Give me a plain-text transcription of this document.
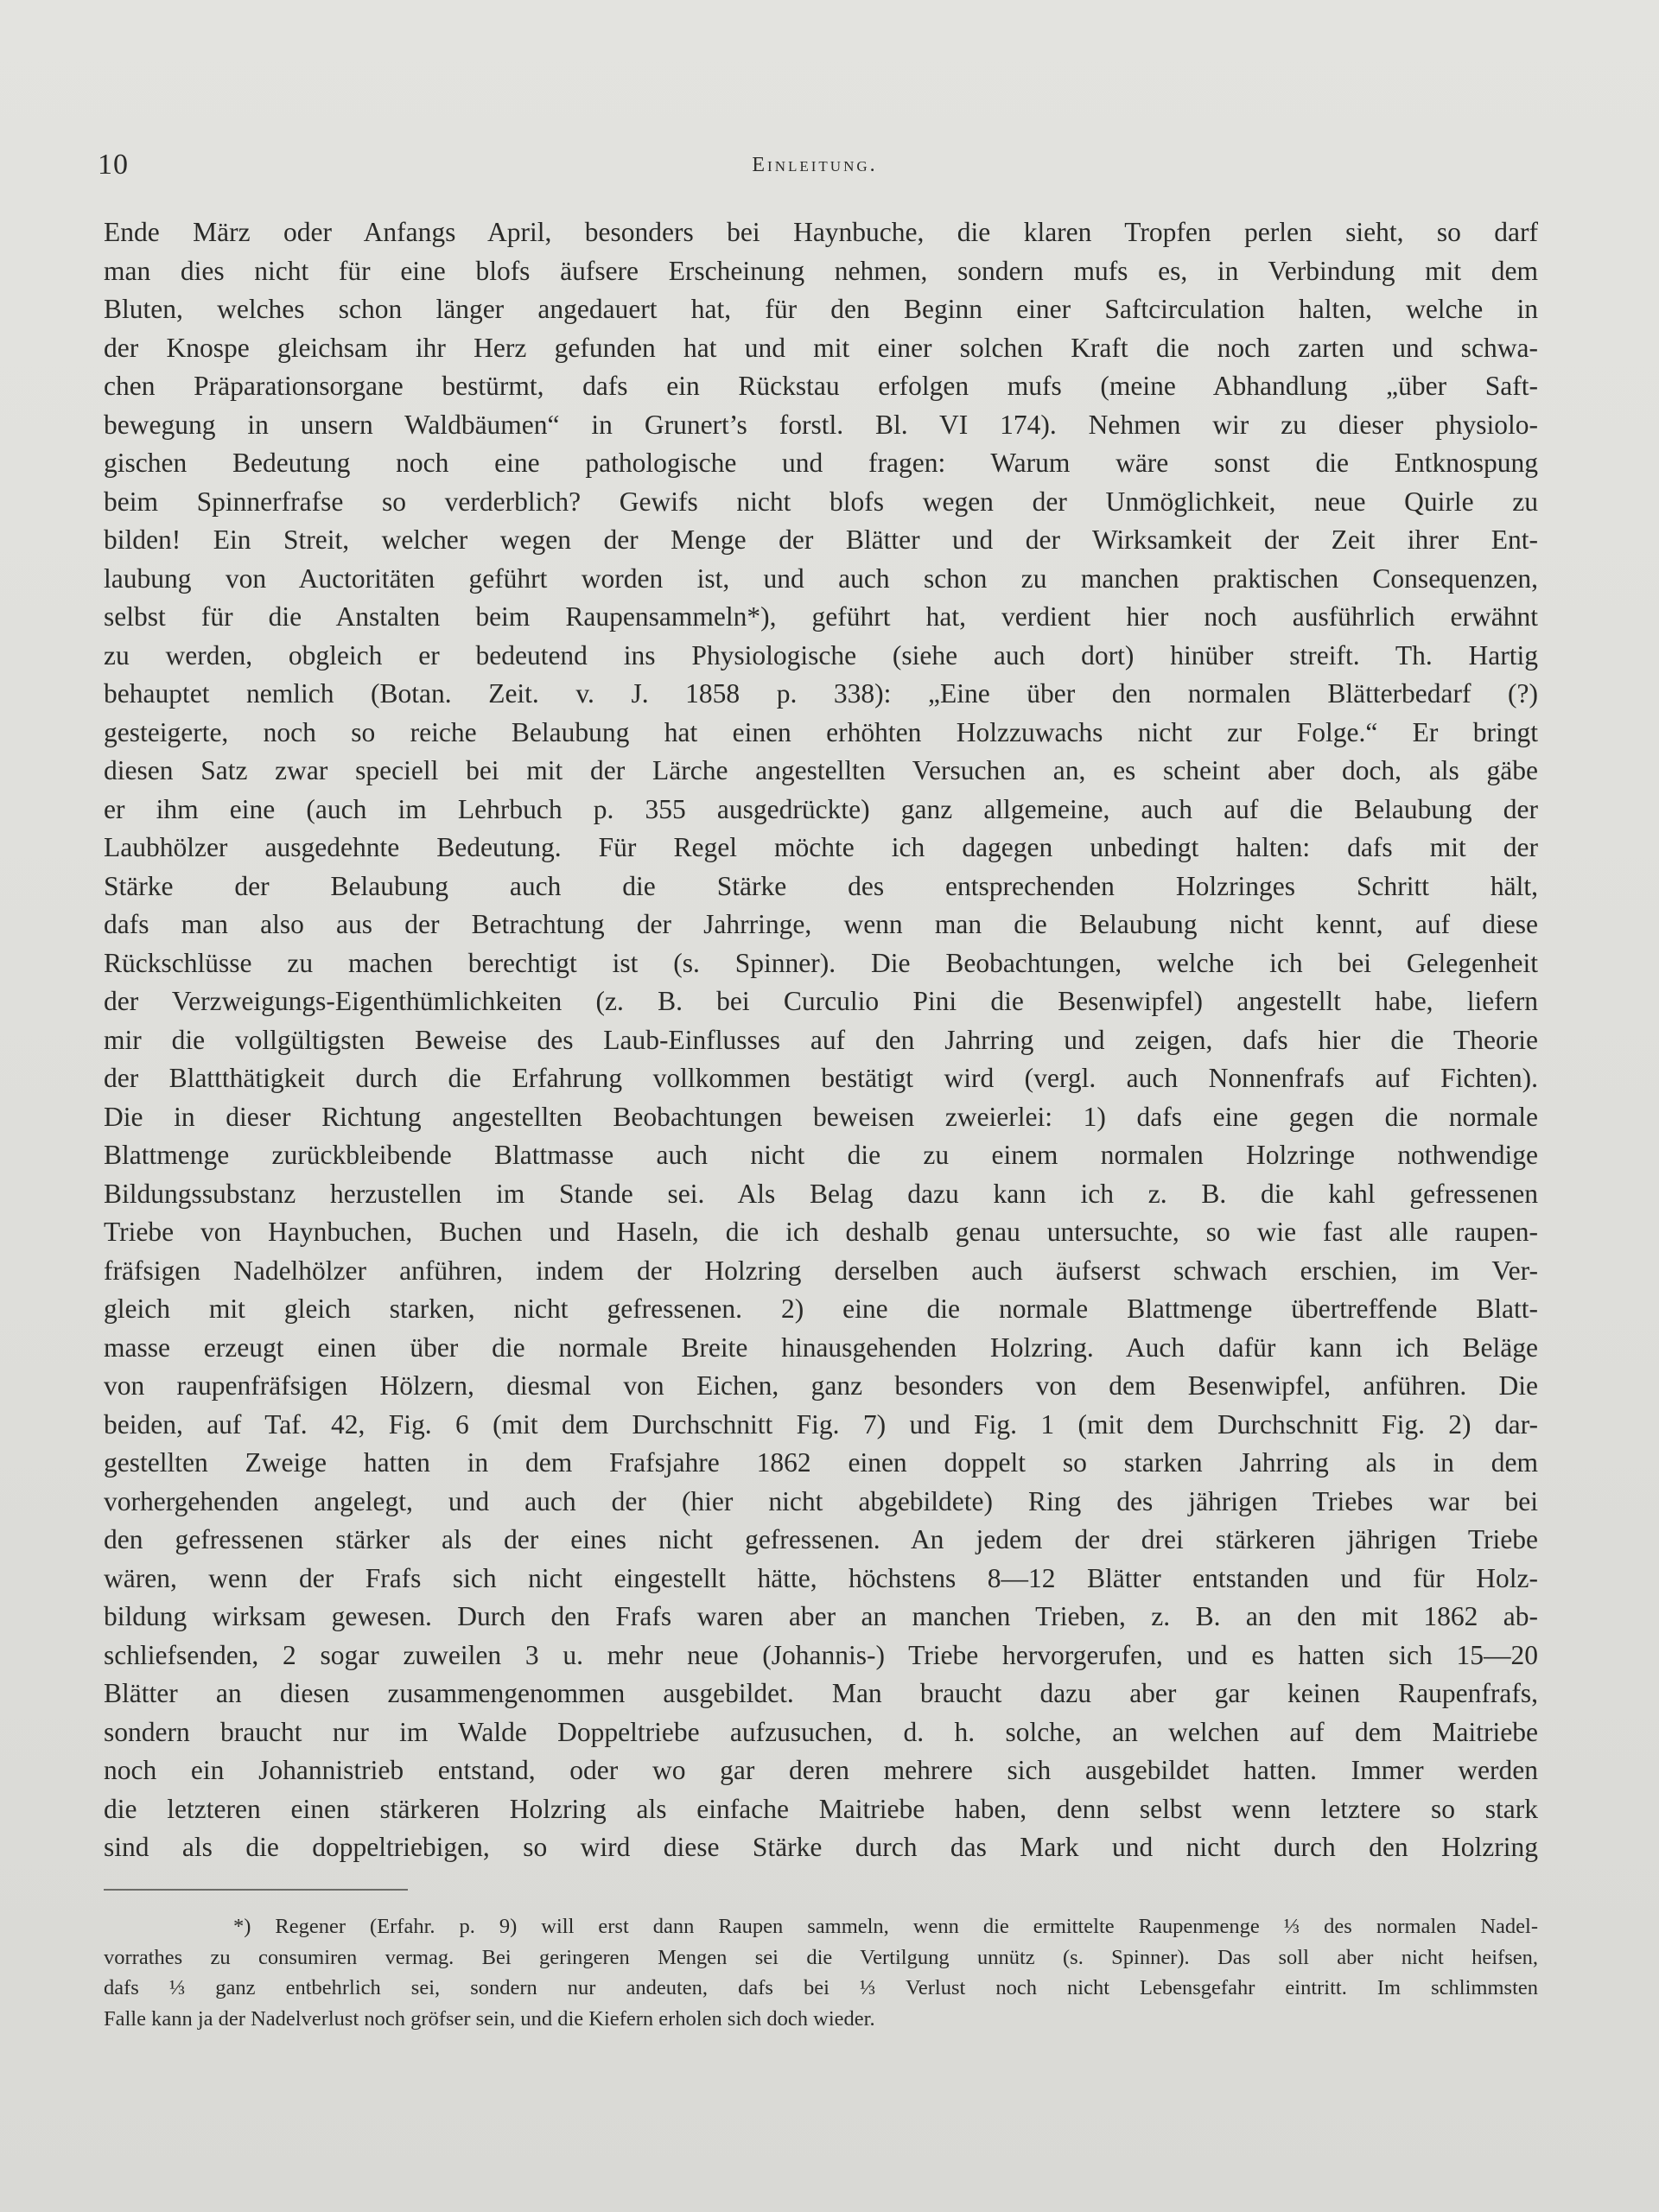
10	Einleitung.
Ende März oder Anfangs April, besonders bei Haynbuche, die klaren Tropfen perlen sieht, so darf
man dies nicht für eine blofs äufsere Erscheinung nehmen, sondern mufs es, in Verbindung mit dem
Bluten, welches schon länger angedauert hat, für den Beginn einer Saftcirculation halten, welche in
der Knospe gleichsam ihr Herz gefunden hat und mit einer solchen Kraft die noch zarten und schwa-
chen Präparationsorgane bestürmt, dafs ein Rückstau erfolgen mufs (meine Abhandlung „über Saft-
bewegung in unsern Waldbäumen“ in Grunert’s forstl. Bl. VI 174). Nehmen wir zu dieser physiolo-
gischen Bedeutung noch eine pathologische und fragen: Warum wäre sonst die Entknospung
beim Spinnerfrafse so verderblich? Gewifs nicht blofs wegen der Unmöglichkeit, neue Quirle zu
bilden! Ein Streit, welcher wegen der Menge der Blätter und der Wirksamkeit der Zeit ihrer Ent-
laubung von Auctoritäten geführt worden ist, und auch schon zu manchen praktischen Consequenzen,
selbst für die Anstalten beim Raupensammeln*), geführt hat, verdient hier noch ausführlich erwähnt
zu werden, obgleich er bedeutend ins Physiologische (siehe auch dort) hinüber streift. Th. Hartig
behauptet nemlich (Botan. Zeit. v. J. 1858 p. 338): „Eine über den normalen Blätterbedarf (?)
gesteigerte, noch so reiche Belaubung hat einen erhöhten Holzzuwachs nicht zur Folge.“ Er bringt
diesen Satz zwar speciell bei mit der Lärche angestellten Versuchen an, es scheint aber doch, als gäbe
er ihm eine (auch im Lehrbuch p. 355 ausgedrückte) ganz allgemeine, auch auf die Belaubung der
Laubhölzer ausgedehnte Bedeutung. Für Regel möchte ich dagegen unbedingt halten: dafs mit der
Stärke der Belaubung auch die Stärke des entsprechenden Holzringes Schritt hält,
dafs man also aus der Betrachtung der Jahrringe, wenn man die Belaubung nicht kennt, auf diese
Rückschlüsse zu machen berechtigt ist (s. Spinner). Die Beobachtungen, welche ich bei Gelegenheit
der Verzweigungs-Eigenthümlichkeiten (z. B. bei Curculio Pini die Besenwipfel) angestellt habe, liefern
mir die vollgültigsten Beweise des Laub-Einflusses auf den Jahrring und zeigen, dafs hier die Theorie
der Blattthätigkeit durch die Erfahrung vollkommen bestätigt wird (vergl. auch Nonnenfrafs auf Fichten).
Die in dieser Richtung angestellten Beobachtungen beweisen zweierlei: 1) dafs eine gegen die normale
Blattmenge zurückbleibende Blattmasse auch nicht die zu einem normalen Holzringe nothwendige
Bildungssubstanz herzustellen im Stande sei. Als Belag dazu kann ich z. B. die kahl gefressenen
Triebe von Haynbuchen, Buchen und Haseln, die ich deshalb genau untersuchte, so wie fast alle raupen-
fräfsigen Nadelhölzer anführen, indem der Holzring derselben auch äufserst schwach erschien, im Ver-
gleich mit gleich starken, nicht gefressenen. 2) eine die normale Blattmenge übertreffende Blatt-
masse erzeugt einen über die normale Breite hinausgehenden Holzring. Auch dafür kann ich Beläge
von raupenfräfsigen Hölzern, diesmal von Eichen, ganz besonders von dem Besenwipfel, anführen. Die
beiden, auf Taf. 42, Fig. 6 (mit dem Durchschnitt Fig. 7) und Fig. 1 (mit dem Durchschnitt Fig. 2) dar-
gestellten Zweige hatten in dem Frafsjahre 1862 einen doppelt so starken Jahrring als in dem
vorhergehenden angelegt, und auch der (hier nicht abgebildete) Ring des jährigen Triebes war bei
den gefressenen stärker als der eines nicht gefressenen. An jedem der drei stärkeren jährigen Triebe
wären, wenn der Frafs sich nicht eingestellt hätte, höchstens 8—12 Blätter entstanden und für Holz-
bildung wirksam gewesen. Durch den Frafs waren aber an manchen Trieben, z. B. an den mit 1862 ab-
schliefsenden, 2 sogar zuweilen 3 u. mehr neue (Johannis-) Triebe hervorgerufen, und es hatten sich 15—20
Blätter an diesen zusammengenommen ausgebildet. Man braucht dazu aber gar keinen Raupenfrafs,
sondern braucht nur im Walde Doppeltriebe aufzusuchen, d. h. solche, an welchen auf dem Maitriebe
noch ein Johannistrieb entstand, oder wo gar deren mehrere sich ausgebildet hatten. Immer werden
die letzteren einen stärkeren Holzring als einfache Maitriebe haben, denn selbst wenn letztere so stark
sind als die doppeltriebigen, so wird diese Stärke durch das Mark und nicht durch den Holzring
*) Regener (Erfahr. p. 9) will erst dann Raupen sammeln, wenn die ermittelte Raupenmenge ⅓ des normalen Nadel-
vorrathes zu consumiren vermag. Bei geringeren Mengen sei die Vertilgung unnütz (s. Spinner). Das soll aber nicht heifsen,
dafs ⅓ ganz entbehrlich sei, sondern nur andeuten, dafs bei ⅓ Verlust noch nicht Lebensgefahr eintritt. Im schlimmsten
Falle kann ja der Nadelverlust noch gröfser sein, und die Kiefern erholen sich doch wieder.
